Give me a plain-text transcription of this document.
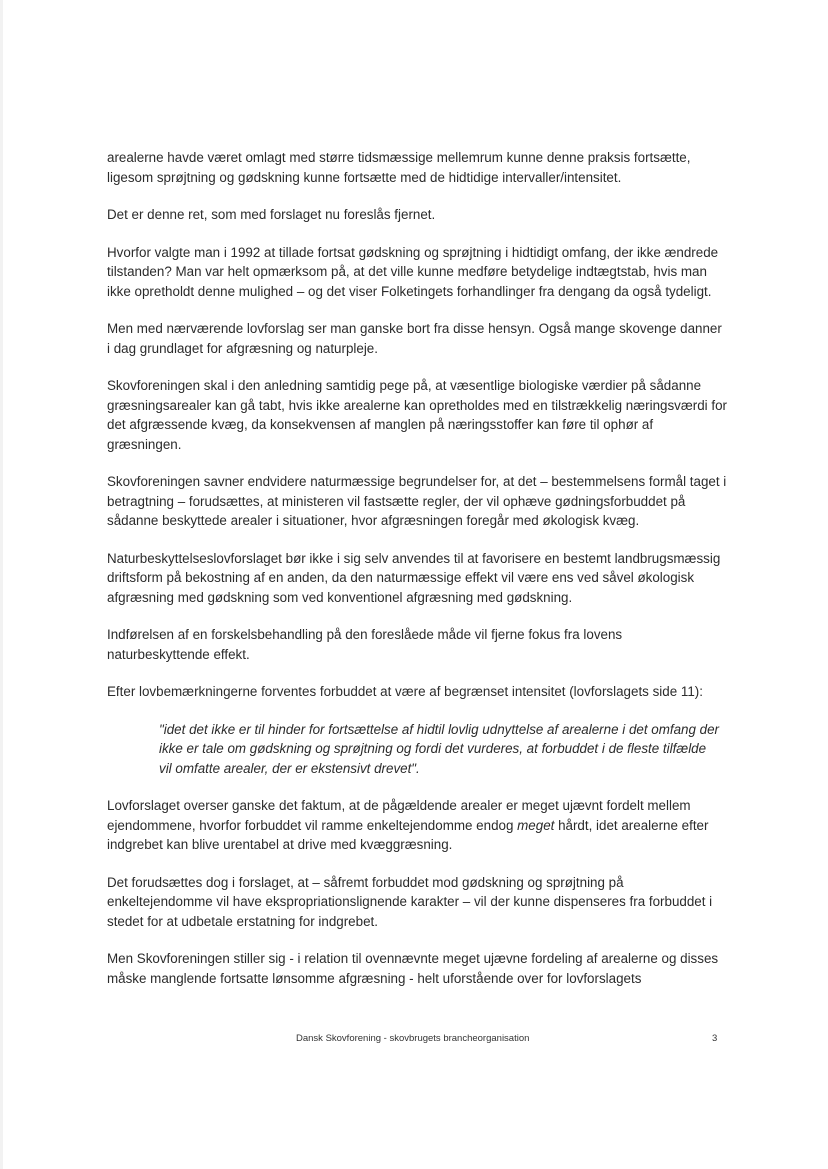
arealerne havde været omlagt med større tidsmæssige mellemrum kunne denne praksis fortsætte, ligesom sprøjtning og gødskning kunne fortsætte med de hidtidige intervaller/intensitet.

Det er denne ret, som med forslaget nu foreslås fjernet.

Hvorfor valgte man i 1992 at tillade fortsat gødskning og sprøjtning i hidtidigt omfang, der ikke ændrede tilstanden? Man var helt opmærksom på, at det ville kunne medføre betydelige indtægtstab, hvis man ikke opretholdt denne mulighed – og det viser Folketingets forhandlinger fra dengang da også tydeligt.

Men med nærværende lovforslag ser man ganske bort fra disse hensyn. Også mange skovenge danner i dag grundlaget for afgræsning og naturpleje.

Skovforeningen skal i den anledning samtidig pege på, at væsentlige biologiske værdier på sådanne græsningsarealer kan gå tabt, hvis ikke arealerne kan opretholdes med en tilstrækkelig næringsværdi for det afgræssende kvæg, da konsekvensen af manglen på næringsstoffer kan føre til ophør af græsningen.

Skovforeningen savner endvidere naturmæssige begrundelser for, at det – bestemmelsens formål taget i betragtning – forudsættes, at ministeren vil fastsætte regler, der vil ophæve gødningsforbuddet på sådanne beskyttede arealer i situationer, hvor afgræsningen foregår med økologisk kvæg.

Naturbeskyttelseslovforslaget bør ikke i sig selv anvendes til at favorisere en bestemt landbrugsmæssig driftsform på bekostning af en anden, da den naturmæssige effekt vil være ens ved såvel økologisk afgræsning med gødskning som ved konventionel afgræsning med gødskning.

Indførelsen af en forskelsbehandling på den foreslåede måde vil fjerne fokus fra lovens naturbeskyttende effekt.

Efter lovbemærkningerne forventes forbuddet at være af begrænset intensitet (lovforslagets side 11):

"idet det ikke er til hinder for fortsættelse af hidtil lovlig udnyttelse af arealerne i det omfang der ikke er tale om gødskning og sprøjtning og fordi det vurderes, at forbuddet i de fleste tilfælde vil omfatte arealer, der er ekstensivt drevet".

Lovforslaget overser ganske det faktum, at de pågældende arealer er meget ujævnt fordelt mellem ejendommene, hvorfor forbuddet vil ramme enkeltejendomme endog meget hårdt, idet arealerne efter indgrebet kan blive urentabel at drive med kvæggræsning.

Det forudsættes dog i forslaget, at – såfremt forbuddet mod gødskning og sprøjtning på enkeltejendomme vil have ekspropriationslignende karakter – vil der kunne dispenseres fra forbuddet i stedet for at udbetale erstatning for indgrebet.

Men Skovforeningen stiller sig - i relation til ovennævnte meget ujævne fordeling af arealerne og disses måske manglende fortsatte lønsomme afgræsning - helt uforstående over for lovforslagets

Dansk Skovforening - skovbrugets brancheorganisation	3
